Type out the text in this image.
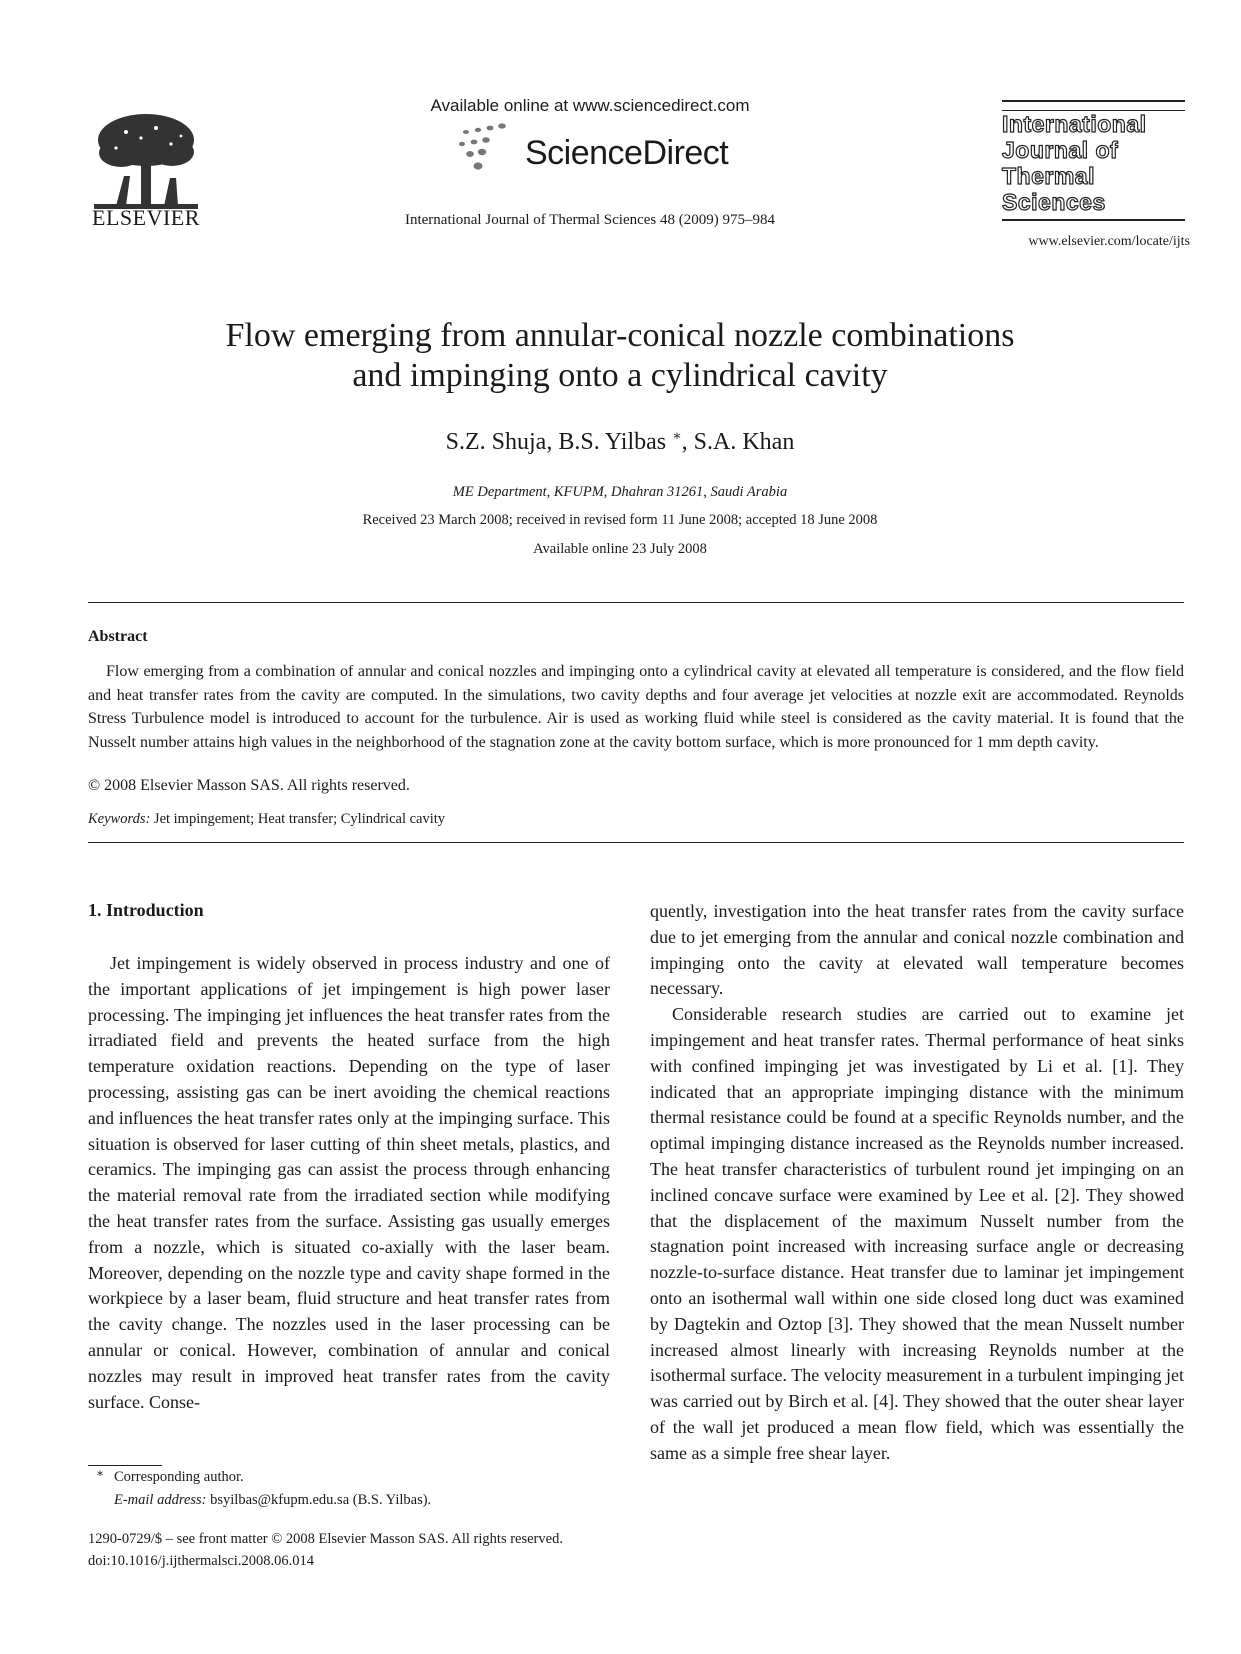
ELSEVIER
Available online at www.sciencedirect.com
ScienceDirect
International Journal of Thermal Sciences 48 (2009) 975–984
International
Journal of
Thermal
Sciences
www.elsevier.com/locate/ijts
Flow emerging from annular-conical nozzle combinations
and impinging onto a cylindrical cavity
S.Z. Shuja, B.S. Yilbas ∗, S.A. Khan
ME Department, KFUPM, Dhahran 31261, Saudi Arabia
Received 23 March 2008; received in revised form 11 June 2008; accepted 18 June 2008
Available online 23 July 2008
Abstract
Flow emerging from a combination of annular and conical nozzles and impinging onto a cylindrical cavity at elevated all temperature is considered, and the flow field and heat transfer rates from the cavity are computed. In the simulations, two cavity depths and four average jet velocities at nozzle exit are accommodated. Reynolds Stress Turbulence model is introduced to account for the turbulence. Air is used as working fluid while steel is considered as the cavity material. It is found that the Nusselt number attains high values in the neighborhood of the stagnation zone at the cavity bottom surface, which is more pronounced for 1 mm depth cavity.
© 2008 Elsevier Masson SAS. All rights reserved.
Keywords: Jet impingement; Heat transfer; Cylindrical cavity
1. Introduction
Jet impingement is widely observed in process industry and one of the important applications of jet impingement is high power laser processing. The impinging jet influences the heat transfer rates from the irradiated field and prevents the heated surface from the high temperature oxidation reactions. Depending on the type of laser processing, assisting gas can be inert avoiding the chemical reactions and influences the heat transfer rates only at the impinging surface. This situation is observed for laser cutting of thin sheet metals, plastics, and ceramics. The impinging gas can assist the process through enhancing the material removal rate from the irradiated section while modifying the heat transfer rates from the surface. Assisting gas usually emerges from a nozzle, which is situated co-axially with the laser beam. Moreover, depending on the nozzle type and cavity shape formed in the workpiece by a laser beam, fluid structure and heat transfer rates from the cavity change. The nozzles used in the laser processing can be annular or conical. However, combination of annular and conical nozzles may result in improved heat transfer rates from the cavity surface. Conse-

quently, investigation into the heat transfer rates from the cavity surface due to jet emerging from the annular and conical nozzle combination and impinging onto the cavity at elevated wall temperature becomes necessary.

Considerable research studies are carried out to examine jet impingement and heat transfer rates. Thermal performance of heat sinks with confined impinging jet was investigated by Li et al. [1]. They indicated that an appropriate impinging distance with the minimum thermal resistance could be found at a specific Reynolds number, and the optimal impinging distance increased as the Reynolds number increased. The heat transfer characteristics of turbulent round jet impinging on an inclined concave surface were examined by Lee et al. [2]. They showed that the displacement of the maximum Nusselt number from the stagnation point increased with increasing surface angle or decreasing nozzle-to-surface distance. Heat transfer due to laminar jet impingement onto an isothermal wall within one side closed long duct was examined by Dagtekin and Oztop [3]. They showed that the mean Nusselt number increased almost linearly with increasing Reynolds number at the isothermal surface. The velocity measurement in a turbulent impinging jet was carried out by Birch et al. [4]. They showed that the outer shear layer of the wall jet produced a mean flow field, which was essentially the same as a simple free shear layer.

∗ Corresponding author.
E-mail address: bsyilbas@kfupm.edu.sa (B.S. Yilbas).
1290-0729/$ – see front matter © 2008 Elsevier Masson SAS. All rights reserved.
doi:10.1016/j.ijthermalsci.2008.06.014
